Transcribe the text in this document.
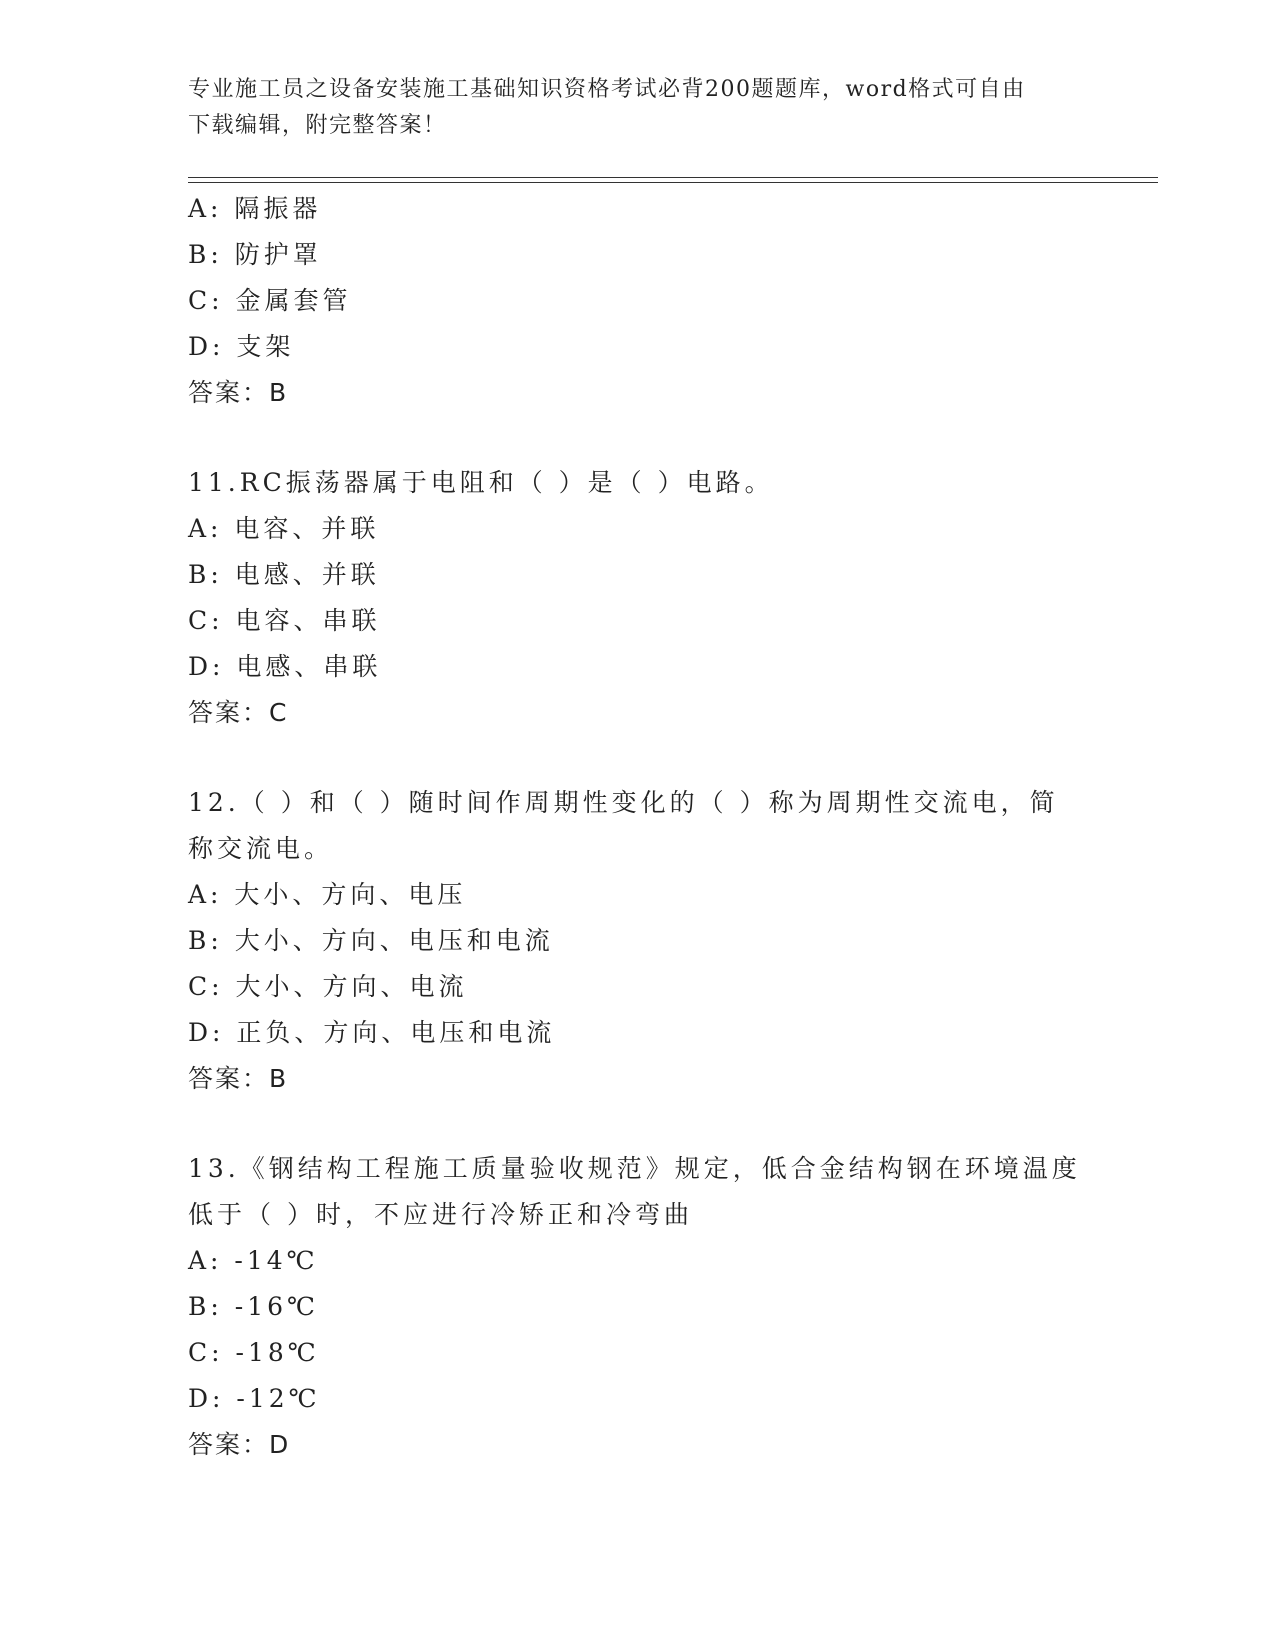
专业施工员之设备安装施工基础知识资格考试必背200题题库，word格式可自由
下载编辑，附完整答案！
A: 隔振器
B: 防护罩
C: 金属套管
D: 支架
答案：B
11.RC振荡器属于电阻和（ ）是（ ）电路。
A: 电容、并联
B: 电感、并联
C: 电容、串联
D: 电感、串联
答案：C
12.（ ）和（ ）随时间作周期性变化的（ ）称为周期性交流电，简
称交流电。
A: 大小、方向、电压
B: 大小、方向、电压和电流
C: 大小、方向、电流
D: 正负、方向、电压和电流
答案：B
13.《钢结构工程施工质量验收规范》规定，低合金结构钢在环境温度
低于（ ）时，不应进行冷矫正和冷弯曲
A: -14℃
B: -16℃
C: -18℃
D: -12℃
答案：D
